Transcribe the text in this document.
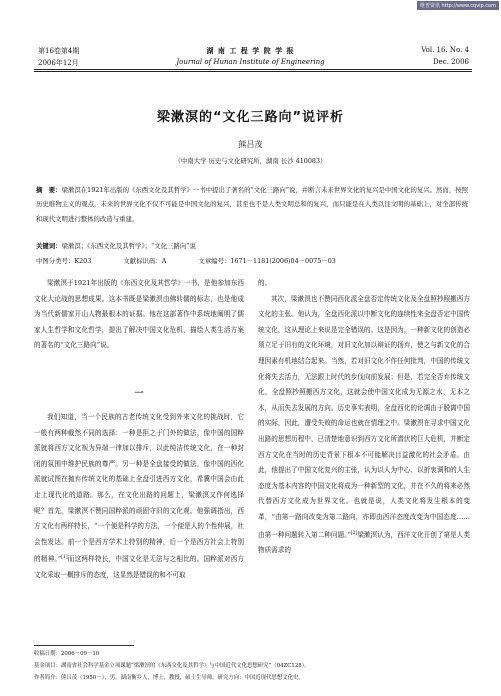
维普资讯 http://www.cqvip.com
第16卷第4期
2006年12月
湖 南 工 程 学 院 学 报
Journal of Hunan Institute of Engineering
Vol. 16. No. 4
Dec. 2006
梁漱溟的“文化三路向”说评析
熊吕茂
（中南大学 历史与文化研究所，湖南 长沙 410083）
摘　要：梁漱溟在1921年出版的《东西文化及其哲学》一书中提出了著名的“文化三路向”说，并断言未来世界文化的复兴是中国文化的复兴。然而，按照历史唯物主义的观点，未来的世界文化不仅不可能是中国文化的复兴，甚至也不是人类文明总和的复兴，而只能是在人类以往文明的基础上，对全部传统和现代文明进行整体的改造与重建。
关键词：梁漱溟；《东西文化及其哲学》；“文化三路向”说
中图分类号：K203	文献标识码：A	文章编号：1671－1181(2006)04－0075－03

梁漱溟于1921年出版的《东西文化及其哲学》一书，是他参加东西文化大论战的思想成果。这本书既是梁漱溟由佛转儒的标志，也是他成为当代新儒家开山人物最根本的证据。他在这部著作中系统地阐明了儒家人生哲学和文化哲学，提出了解决中国文化危机，描绘人类生活方案的著名的“文化三路向”说。

一

我们知道，当一个民族的古老传统文化受到外来文化的挑战时，它一般有两种截然不同的选择：一种是拒之于门外的做法，像中国的国粹派就将西方文化视为异端一律加以排斥，以此纯洁传统文化，在一种封闭的氛围中维护民族的尊严。另一种是全盘接受的做法，像中国的西化派就试图在抛弃传统文化的基础上全盘引进西方文化，希冀中国会由此走上现代化的道路。那么，在文化出路的问题上，梁漱溟又作何选择呢？首先，梁漱溟不赞同国粹派的顽固守旧的文化观。他强调指出，西方文化有两样特长，“一个便是科学的方法，一个便是人的个性伸展，社会性发达。前一个是西方学术上特别的精神，后一个是西方社会上特别的精神。”[1]而这两样特长，中国文化是无法与之相比的。国粹派对西方文化采取一概排斥的态度，这显然是错误的和不可取

的。

其次，梁漱溟也不赞同西化派全盘否定传统文化及全盘照抄照搬西方文化的主张。他认为，全盘西化派以中断文化的连续性来全盘否定中国传统文化，这从理论上来说是完全错误的。这是因为，一种新文化的创造必须立足于旧有的文化环境，对旧文化加以辩证的扬弃，使之与新文化的合理因素有机地结合起来。当然，若对旧文化不作任何批判，中国的传统文化将失去活力，无法跟上时代的步伐向前发展；但是，若完全否弃传统文化，全盘照抄照搬西方文化，这就会使中国文化成为无源之水，无本之木，从而失去发展的方向。历史事实表明，全盘西化的论调由于脱离中国的实际，因此，遭受失败的命运也就在情理之中。梁漱溟在寻求中国文化出路的思想历程中，已清楚地意识到西方文化所潜伏的巨大危机，并断定西方文化在当时的历史背景下根本不可能解决目益激化的社会矛盾。由此，他提出了中国文化复兴的主张，认为以人为中心、以折衷调和的人生态度为基本内容的中国文化将成为一种新型的文化，并在不久的将来必然代替西方文化成为世界文化。也就是说，人类文化将发生根本的变革，“由第一路向改变为第二路向，亦即由西洋态度改变为中国态度……由第一种问题转入第二种问题。”[2]梁漱溟认为，西洋文化开创了第是人类物质需求的

收稿日期：2006－09－10
基金项目：湖南省社会科学基金立项课题“梁漱溟的《东西文化及其哲学》与中国近代文化思想研究”（04ZC128）。
作者简介：熊吕茂（1950－），男，湖南衡乡人，博士，教授，硕士生导师，研究方向：中国近现代思想文化史。
